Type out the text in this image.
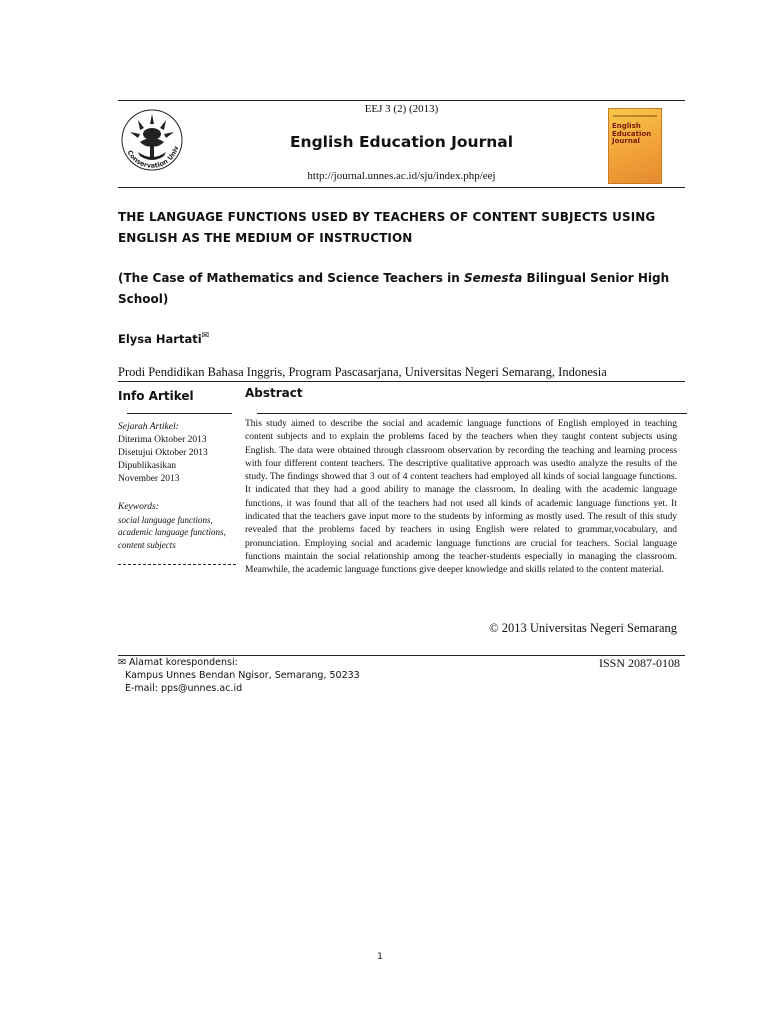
EEJ 3 (2) (2013)
English Education Journal
http://journal.unnes.ac.id/sju/index.php/eej
Conservation Univ
English Education Journal
THE LANGUAGE FUNCTIONS USED BY TEACHERS OF CONTENT SUBJECTS USING ENGLISH AS THE MEDIUM OF INSTRUCTION
(The Case of Mathematics and Science Teachers in Semesta Bilingual Senior High School)
Elysa Hartati✉
Prodi Pendidikan Bahasa Inggris, Program Pascasarjana, Universitas Negeri Semarang, Indonesia
Info Artikel	Abstract
Sejarah Artikel:
Diterima Oktober 2013
Disetujui Oktober 2013
Dipublikasikan
November 2013
Keywords:
social language functions, academic language functions, content subjects
This study aimed to describe the social and academic language functions of English employed in teaching content subjects and to explain the problems faced by the teachers when they taught content subjects using English. The data were obtained through classroom observation by recording the teaching and learning process with four different content teachers. The descriptive qualitative approach was usedto analyze the results of the study. The findings showed that 3 out of 4 content teachers had employed all kinds of social language functions. It indicated that they had a good ability to manage the classroom. In dealing with the academic language functions, it was found that all of the teachers had not used all kinds of academic language functions yet. It indicated that the teachers gave input more to the students by informing as mostly used. The result of this study revealed that the problems faced by teachers in using English were related to grammar,vocabulary, and pronunciation. Employing social and academic language functions are crucial for teachers. Social language functions maintain the social relationship among the teacher-students especially in managing the classroom. Meanwhile, the academic language functions give deeper knowledge and skills related to the content material.
© 2013 Universitas Negeri Semarang
✉ Alamat korespondensi:
Kampus Unnes Bendan Ngisor, Semarang, 50233
E-mail: pps@unnes.ac.id
ISSN 2087-0108
1
